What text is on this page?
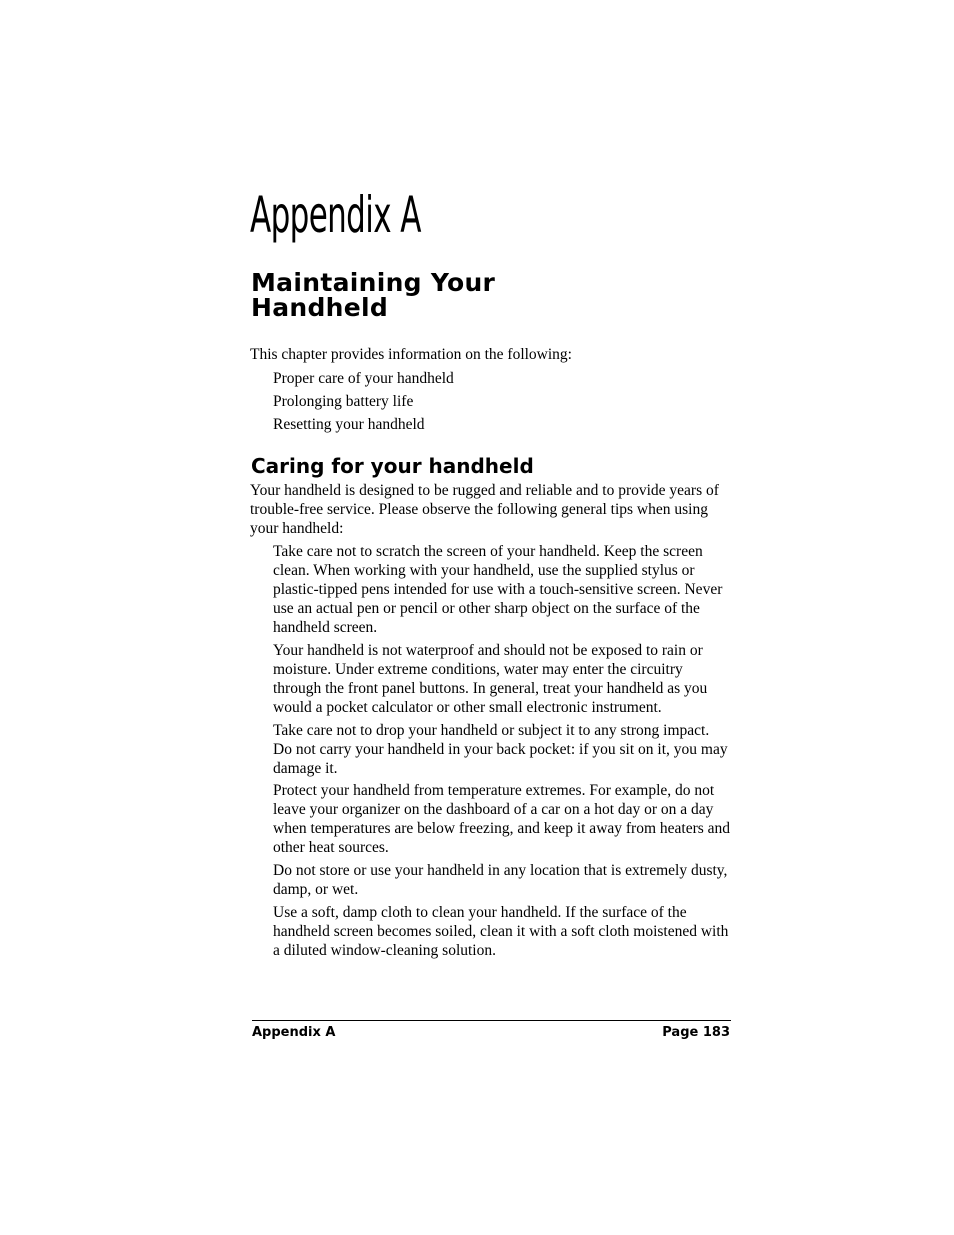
Appendix A
Maintaining Your
Handheld

This chapter provides information on the following:

Proper care of your handheld
Prolonging battery life
Resetting your handheld
Caring for your handheld

Your handheld is designed to be rugged and reliable and to provide years of trouble-free service. Please observe the following general tips when using your handheld:

Take care not to scratch the screen of your handheld. Keep the screen clean. When working with your handheld, use the supplied stylus or plastic-tipped pens intended for use with a touch-sensitive screen. Never use an actual pen or pencil or other sharp object on the surface of the handheld screen.
Your handheld is not waterproof and should not be exposed to rain or moisture. Under extreme conditions, water may enter the circuitry through the front panel buttons. In general, treat your handheld as you would a pocket calculator or other small electronic instrument.
Take care not to drop your handheld or subject it to any strong impact. Do not carry your handheld in your back pocket: if you sit on it, you may damage it.
Protect your handheld from temperature extremes. For example, do not leave your organizer on the dashboard of a car on a hot day or on a day when temperatures are below freezing, and keep it away from heaters and other heat sources.
Do not store or use your handheld in any location that is extremely dusty, damp, or wet.
Use a soft, damp cloth to clean your handheld. If the surface of the handheld screen becomes soiled, clean it with a soft cloth moistened with a diluted window-cleaning solution.

Appendix A	Page 183
